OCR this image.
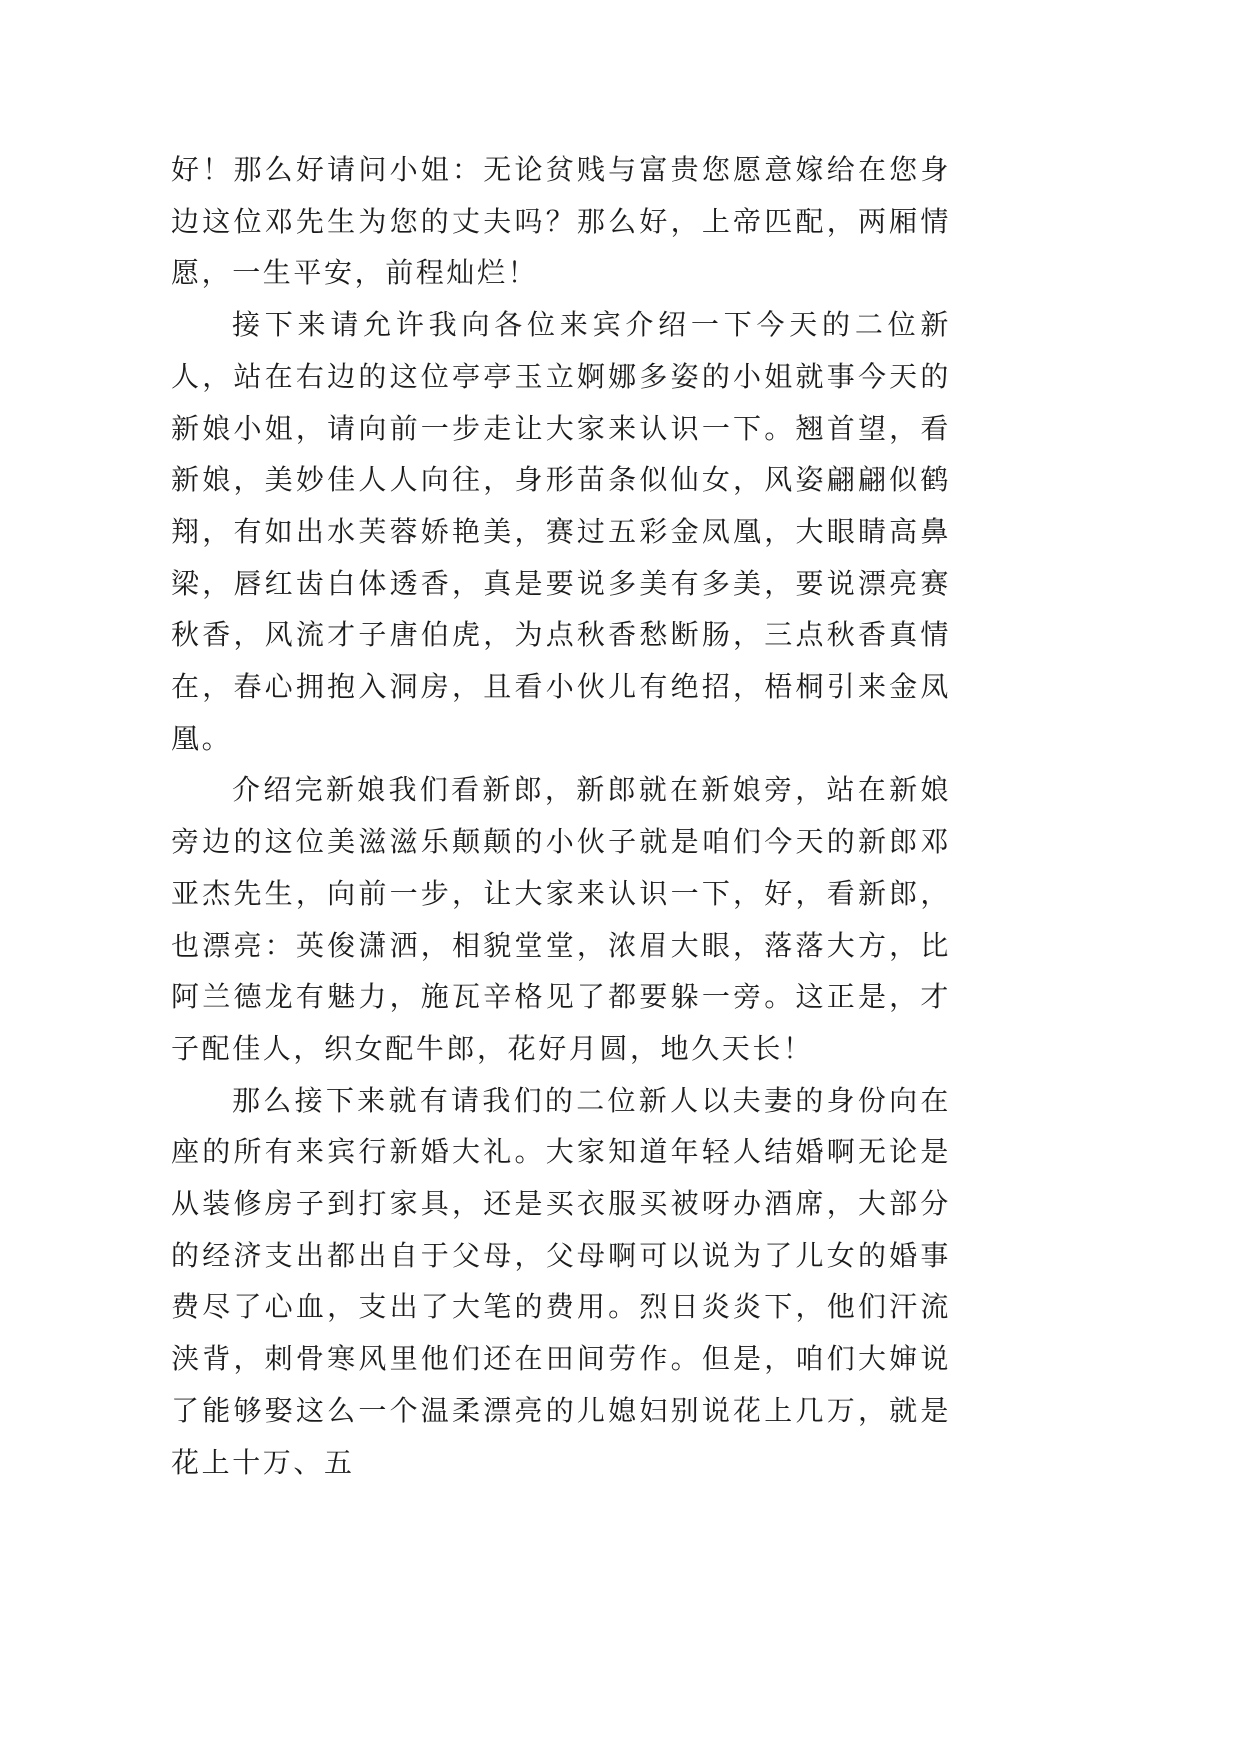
好！那么好请问小姐：无论贫贱与富贵您愿意嫁给在您身边这位邓先生为您的丈夫吗？那么好，上帝匹配，两厢情愿，一生平安，前程灿烂！

接下来请允许我向各位来宾介绍一下今天的二位新人，站在右边的这位亭亭玉立婀娜多姿的小姐就事今天的新娘小姐，请向前一步走让大家来认识一下。翘首望，看新娘，美妙佳人人向往，身形苗条似仙女，风姿翩翩似鹤翔，有如出水芙蓉娇艳美，赛过五彩金凤凰，大眼睛高鼻梁，唇红齿白体透香，真是要说多美有多美，要说漂亮赛秋香，风流才子唐伯虎，为点秋香愁断肠，三点秋香真情在，春心拥抱入洞房，且看小伙儿有绝招，梧桐引来金凤凰。

介绍完新娘我们看新郎，新郎就在新娘旁，站在新娘旁边的这位美滋滋乐颠颠的小伙子就是咱们今天的新郎邓亚杰先生，向前一步，让大家来认识一下，好，看新郎，也漂亮：英俊潇洒，相貌堂堂，浓眉大眼，落落大方，比阿兰德龙有魅力，施瓦辛格见了都要躲一旁。这正是，才子配佳人，织女配牛郎，花好月圆，地久天长！

那么接下来就有请我们的二位新人以夫妻的身份向在座的所有来宾行新婚大礼。大家知道年轻人结婚啊无论是从装修房子到打家具，还是买衣服买被呀办酒席，大部分的经济支出都出自于父母，父母啊可以说为了儿女的婚事费尽了心血，支出了大笔的费用。烈日炎炎下，他们汗流浃背，刺骨寒风里他们还在田间劳作。但是，咱们大婶说了能够娶这么一个温柔漂亮的儿媳妇别说花上几万，就是花上十万、五
